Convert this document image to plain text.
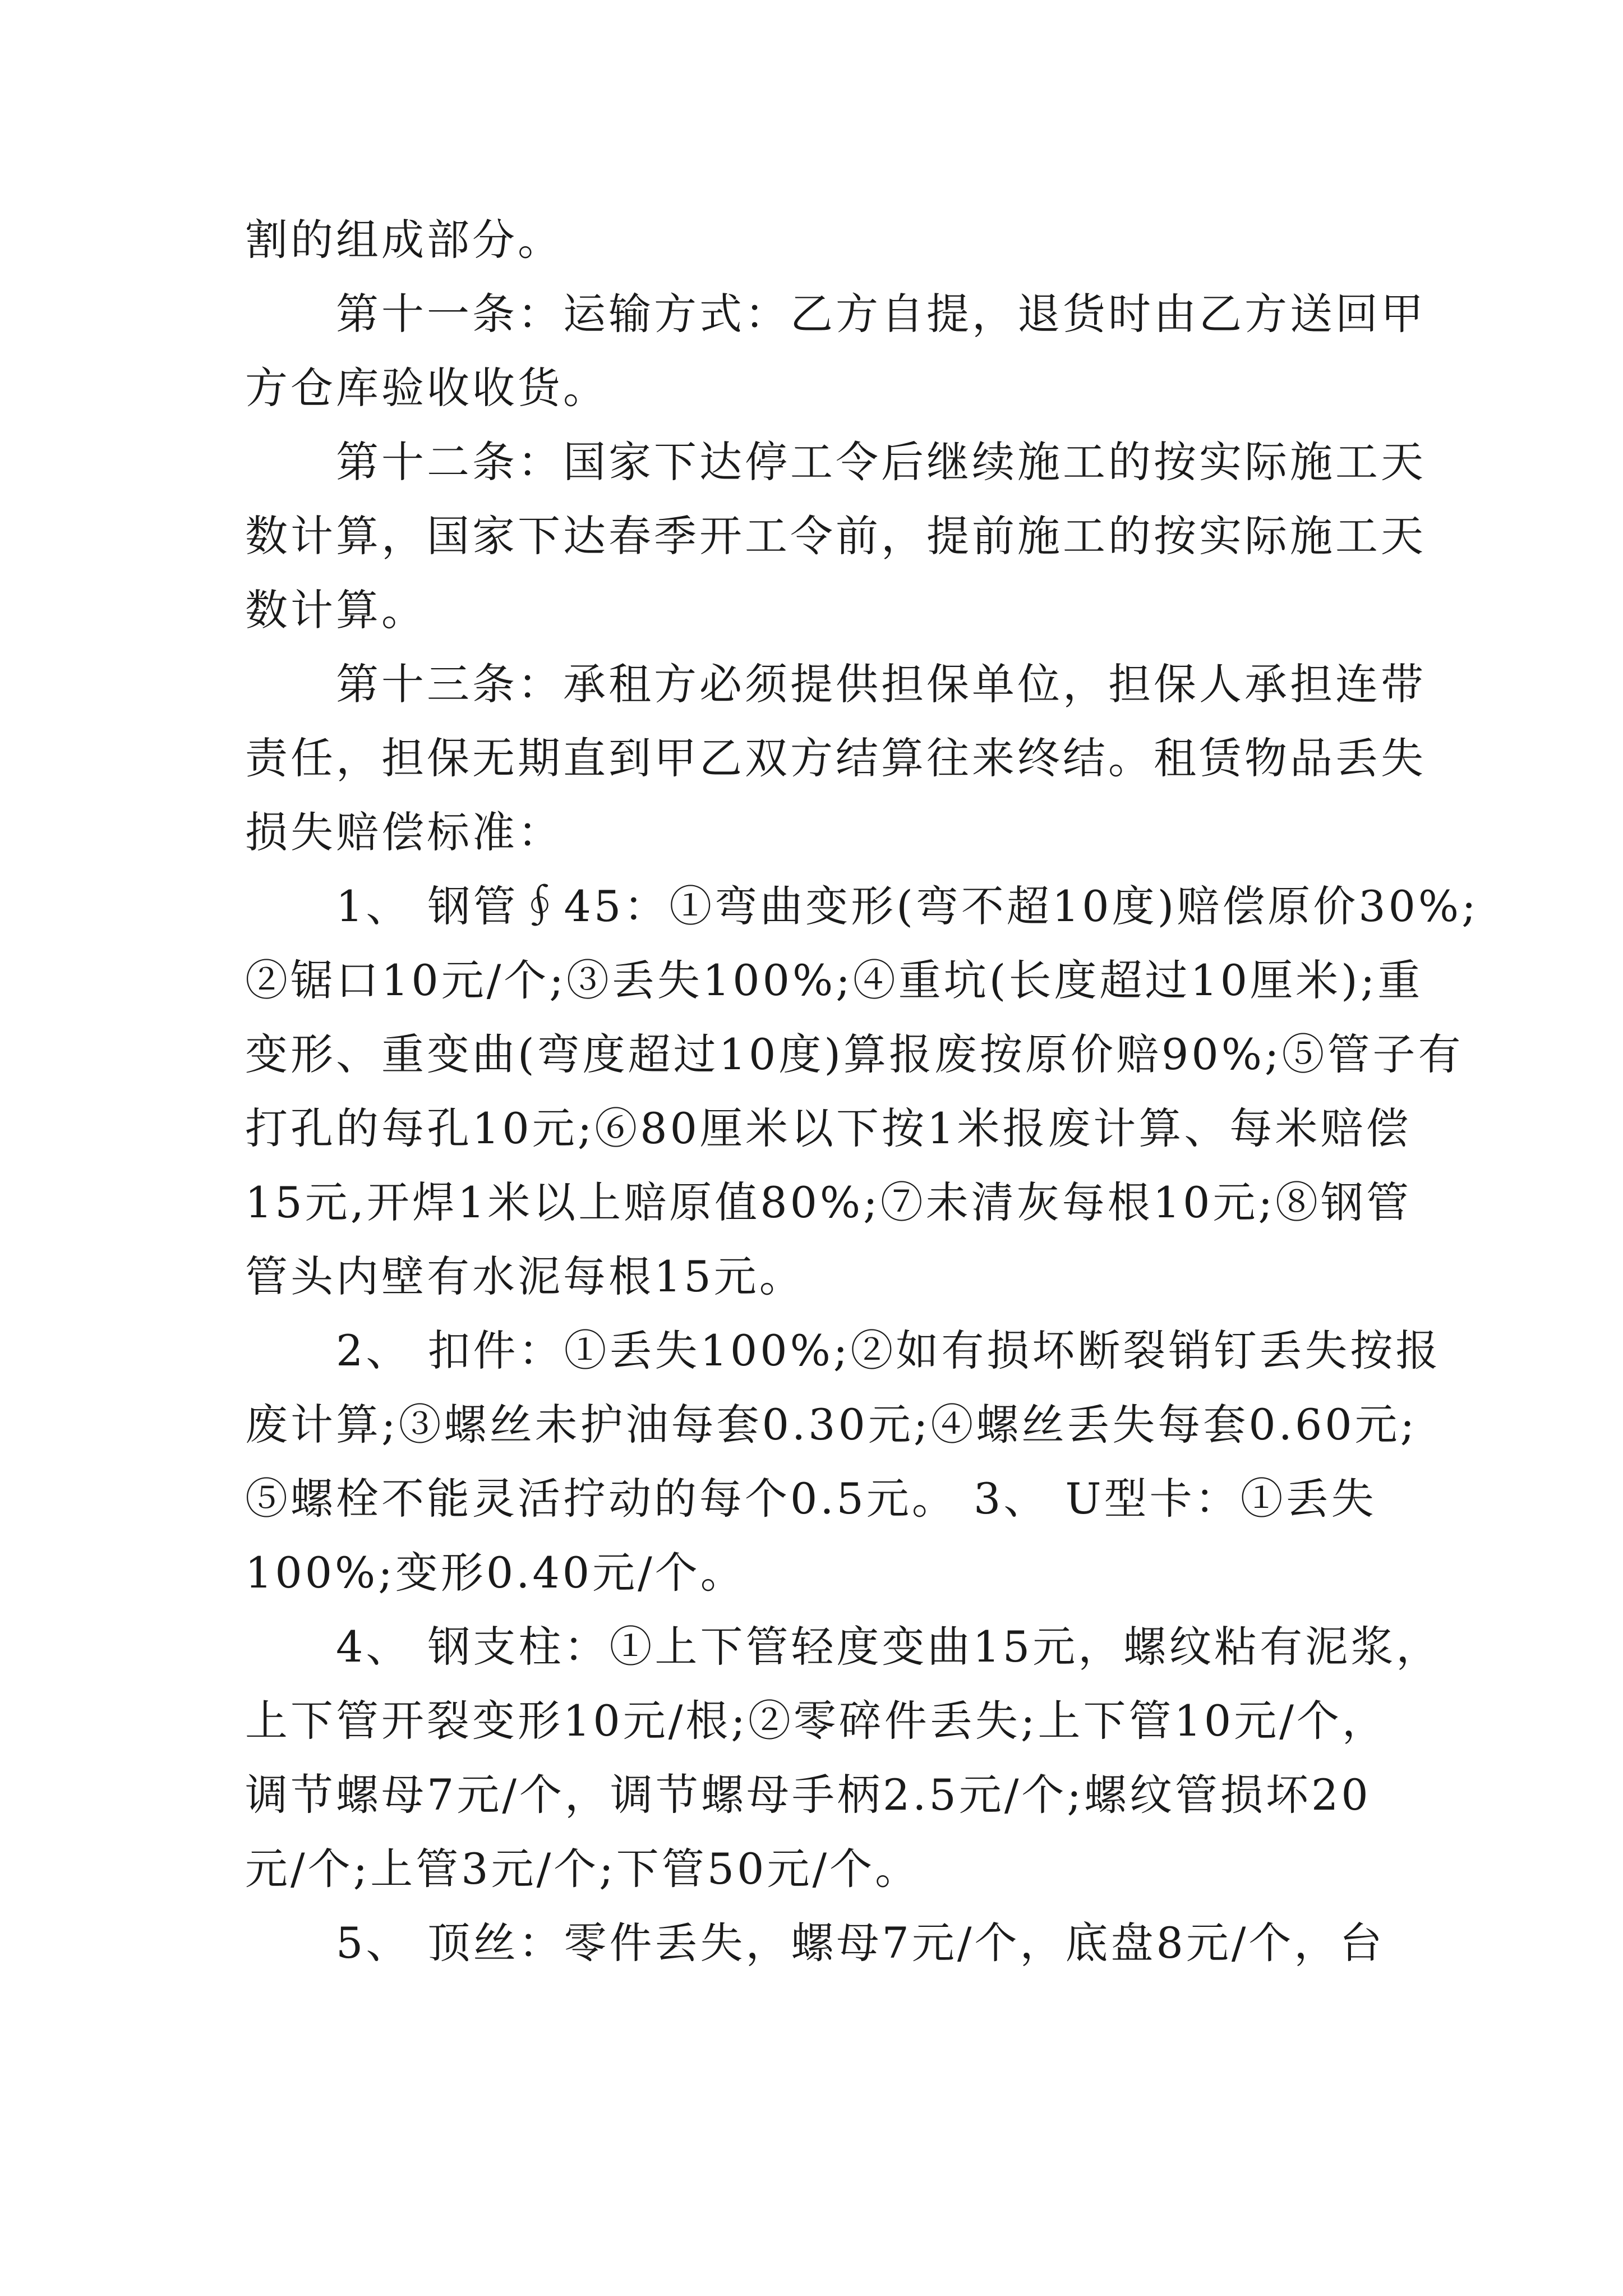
割的组成部分。
　　第十一条：运输方式：乙方自提，退货时由乙方送回甲
方仓库验收收货。
　　第十二条：国家下达停工令后继续施工的按实际施工天
数计算，国家下达春季开工令前，提前施工的按实际施工天
数计算。
　　第十三条：承租方必须提供担保单位，担保人承担连带
责任，担保无期直到甲乙双方结算往来终结。租赁物品丢失
损失赔偿标准：
　　1、 钢管∮45：①弯曲变形(弯不超10度)赔偿原价30%;
②锯口10元/个;③丢失100%;④重坑(长度超过10厘米);重
变形、重变曲(弯度超过10度)算报废按原价赔90%;⑤管子有
打孔的每孔10元;⑥80厘米以下按1米报废计算、每米赔偿
15元,开焊1米以上赔原值80%;⑦未清灰每根10元;⑧钢管
管头内壁有水泥每根15元。
　　2、 扣件：①丢失100%;②如有损坏断裂销钉丢失按报
废计算;③螺丝未护油每套0.30元;④螺丝丢失每套0.60元;
⑤螺栓不能灵活拧动的每个0.5元。 3、 U型卡：①丢失
100%;变形0.40元/个。
　　4、 钢支柱：①上下管轻度变曲15元，螺纹粘有泥浆，
上下管开裂变形10元/根;②零碎件丢失;上下管10元/个，
调节螺母7元/个，调节螺母手柄2.5元/个;螺纹管损坏20
元/个;上管3元/个;下管50元/个。
　　5、 顶丝：零件丢失，螺母7元/个，底盘8元/个，台
